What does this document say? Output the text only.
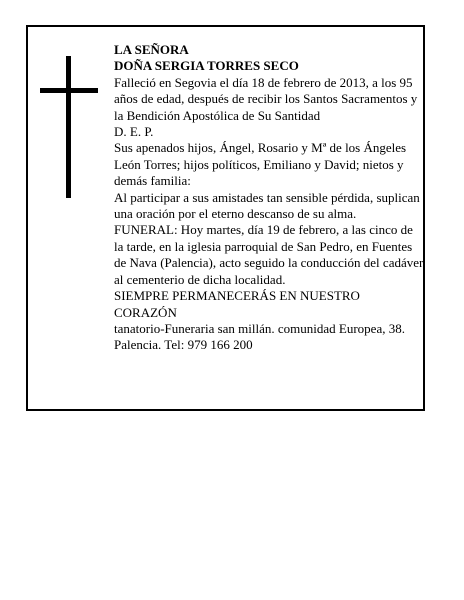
LA SEÑORA

DOÑA SERGIA TORRES SECO

Falleció en Segovia el día 18 de febrero de 2013, a los 95 años de edad, después de recibir los Santos Sacramentos y la Bendición Apostólica de Su Santidad

D. E. P.

Sus apenados hijos, Ángel, Rosario y Mª de los Ángeles León Torres; hijos políticos, Emiliano y David; nietos y demás familia:

Al participar a sus amistades tan sensible pérdida, suplican una oración por el eterno descanso de su alma.

FUNERAL: Hoy martes, día 19 de febrero, a las cinco de la tarde, en la iglesia parroquial de San Pedro, en Fuentes de Nava (Palencia), acto seguido la conducción del cadáver al cementerio de dicha localidad.

SIEMPRE PERMANECERÁS EN NUESTRO CORAZÓN

tanatorio-Funeraria san millán. comunidad Europea, 38. Palencia. Tel: 979 166 200
